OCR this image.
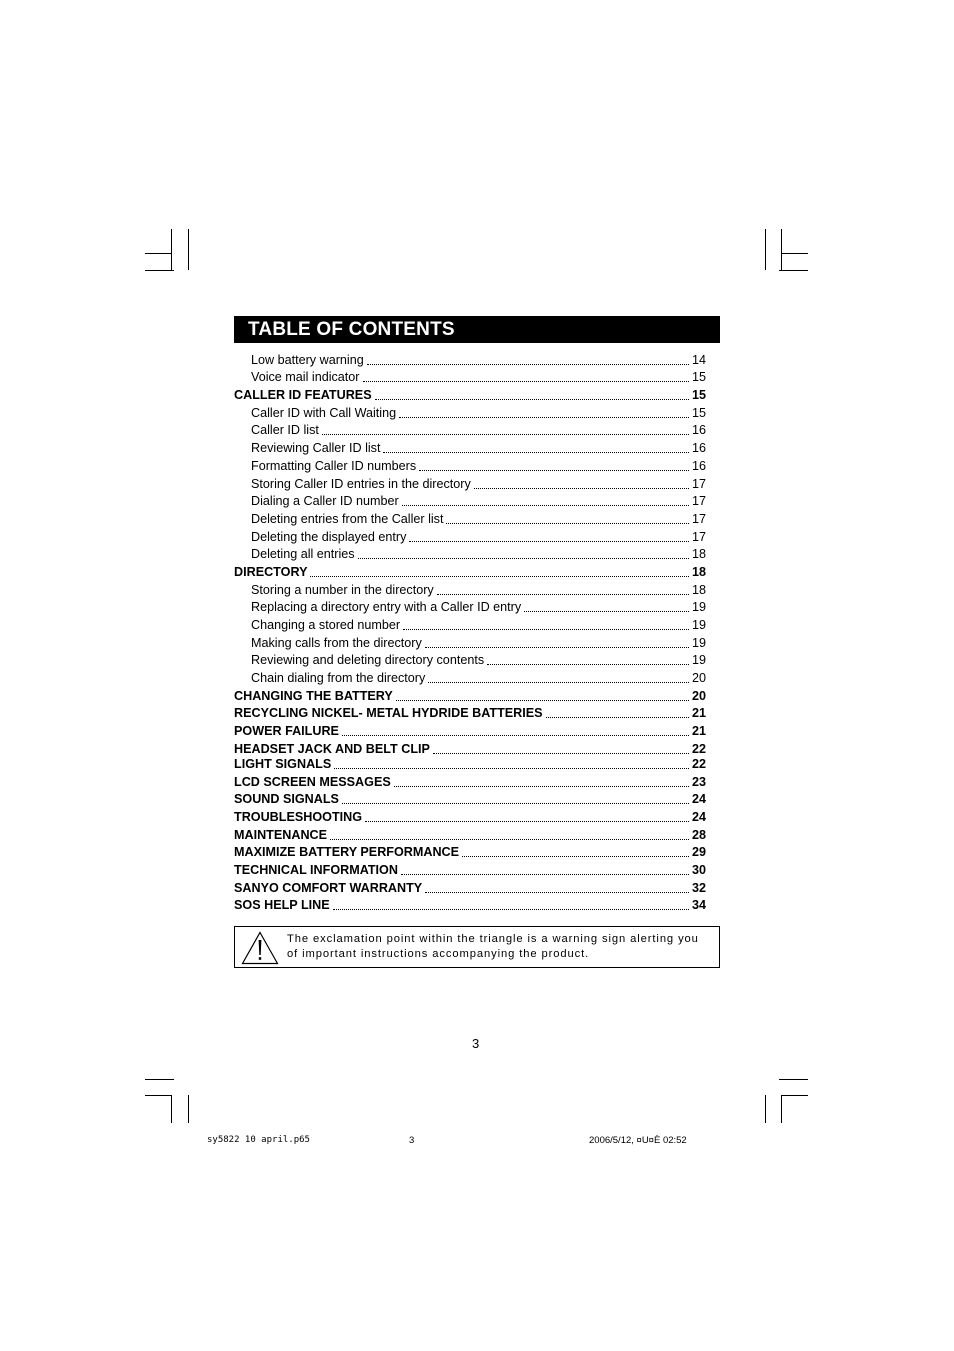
TABLE OF CONTENTS
Low battery warning	14
Voice mail indicator	15
CALLER ID FEATURES	15
Caller ID with Call Waiting	15
Caller ID list	16
Reviewing Caller ID list	16
Formatting Caller ID numbers	16
Storing Caller ID entries in the directory	17
Dialing a Caller ID number	17
Deleting entries from the Caller list	17
Deleting the displayed entry	17
Deleting all entries	18
DIRECTORY	18
Storing a number in the directory	18
Replacing a directory entry with a Caller ID entry	19
Changing a stored number	19
Making calls from the directory	19
Reviewing and deleting directory contents	19
Chain dialing from the directory	20
CHANGING THE BATTERY	20
RECYCLING NICKEL- METAL HYDRIDE BATTERIES	21
POWER FAILURE	21
HEADSET JACK AND BELT CLIP	22
LIGHT SIGNALS	22
LCD SCREEN MESSAGES	23
SOUND SIGNALS	24
TROUBLESHOOTING	24
MAINTENANCE	28
MAXIMIZE BATTERY PERFORMANCE	29
TECHNICAL INFORMATION	30
SANYO COMFORT WARRANTY	32
SOS HELP LINE	34
The exclamation point within the triangle is a warning sign alerting you of important instructions accompanying the product.
3
sy5822 10 april.p65	3	2006/5/12, ¤U¤È 02:52
